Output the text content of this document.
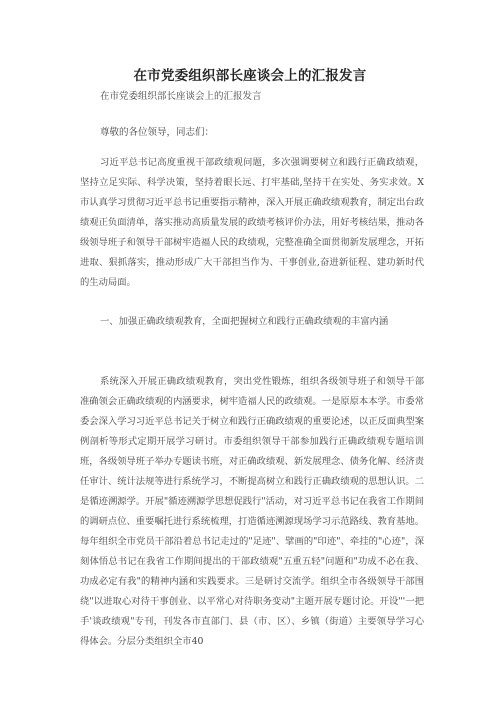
在市党委组织部长座谈会上的汇报发言
在市党委组织部长座谈会上的汇报发言
尊敬的各位领导，同志们：

习近平总书记高度重视干部政绩观问题，多次强调要树立和践行正确政绩观，坚持立足实际、科学决策，坚持着眼长远、打牢基础,坚持干在实处、务实求效。X市认真学习贯彻习近平总书记重要指示精神，深入开展正确政绩观教育，制定出台政绩观正负面清单，落实推动高质量发展的政绩考核评价办法，用好考核结果，推动各级领导班子和领导干部树牢造福人民的政绩观，完整准确全面贯彻新发展理念，开拓进取、狠抓落实，推动形成广大干部担当作为、干事创业,奋进新征程、建功新时代的生动局面。

一、加强正确政绩观教育，全面把握树立和践行正确政绩观的丰富内涵

系统深入开展正确政绩观教育，突出党性锻炼，组织各级领导班子和领导干部准确领会正确政绩观的内涵要求，树牢造福人民的政绩观。一是原原本本学。市委常委会深入学习习近平总书记关于树立和践行正确政绩观的重要论述，以正反面典型案例剖析等形式定期开展学习研讨。市委组织领导干部参加践行正确政绩观专题培训班，各级领导班子举办专题读书班，对正确政绩观、新发展理念、债务化解、经济责任审计、统计法规等进行系统学习，不断提高树立和践行正确政绩观的思想认识。二是循迹溯源学。开展"循迹溯源学思想促践行"活动，对习近平总书记在我省工作期间的调研点位、重要嘱托进行系统梳理，打造循迹溯源现场学习示范路线、教育基地。每年组织全市党员干部沿着总书记走过的"足迹"、擘画的"印迹"、牵挂的"心迹"，深刻体悟总书记在我省工作期间提出的干部政绩观"五重五轻"问题和"功成不必在我、功成必定有我"的精神内涵和实践要求。三是研讨交流学。组织全市各级领导干部围绕"以进取心对待干事创业、以平常心对待职务变动"主题开展专题讨论。开设"'一把手'谈政绩观"专刊，刊发各市直部门、县（市、区）、乡镇（街道）主要领导学习心得体会。分层分类组织全市40
